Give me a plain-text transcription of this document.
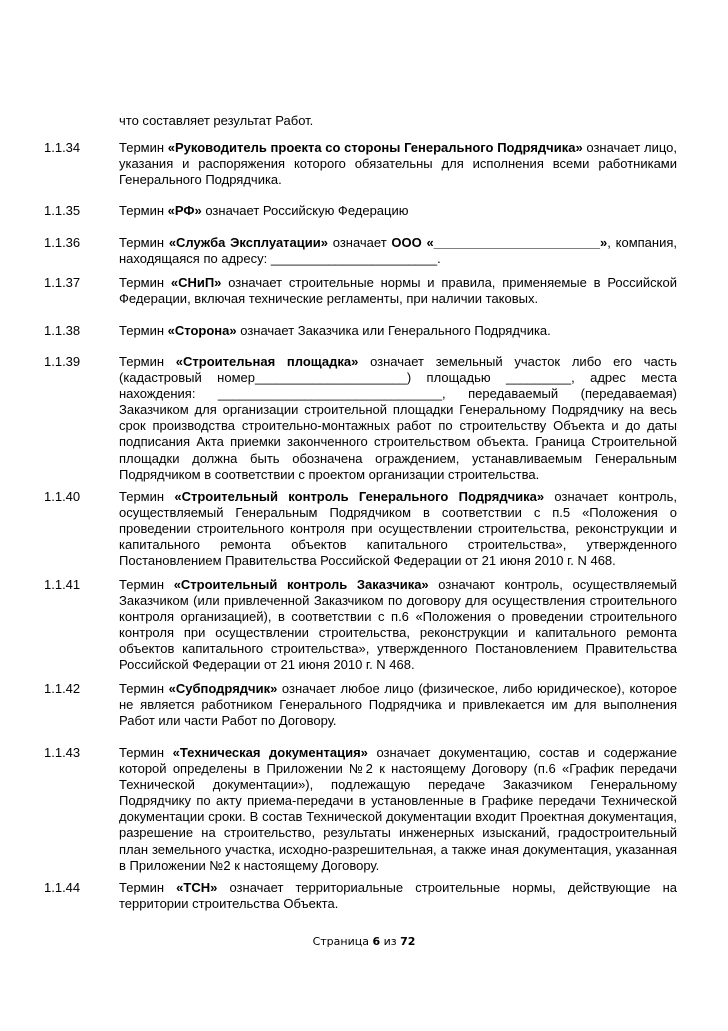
что составляет результат Работ.

1.1.34	Термин «Руководитель проекта со стороны Генерального Подрядчика» означает лицо, указания и распоряжения которого обязательны для исполнения всеми работниками Генерального Подрядчика.

1.1.35	Термин «РФ» означает Российскую Федерацию

1.1.36	Термин «Служба Эксплуатации» означает ООО «_______________________», компания, находящаяся по адресу: _______________________.

1.1.37	Термин «СНиП» означает строительные нормы и правила, применяемые в Российской Федерации, включая технические регламенты, при наличии таковых.

1.1.38	Термин «Сторона» означает Заказчика или Генерального Подрядчика.

1.1.39	Термин «Строительная площадка» означает земельный участок либо его часть (кадастровый номер_____________________) площадью _________, адрес места нахождения: _______________________________, передаваемый (передаваемая) Заказчиком для организации строительной площадки Генеральному Подрядчику на весь срок производства строительно-монтажных работ по строительству Объекта и до даты подписания Акта приемки законченного строительством объекта. Граница Строительной площадки должна быть обозначена ограждением, устанавливаемым Генеральным Подрядчиком в соответствии с проектом организации строительства.

1.1.40	Термин «Строительный контроль Генерального Подрядчика» означает контроль, осуществляемый Генеральным Подрядчиком в соответствии с п.5 «Положения о проведении строительного контроля при осуществлении строительства, реконструкции и капитального ремонта объектов капитального строительства», утвержденного Постановлением Правительства Российской Федерации от 21 июня 2010 г. N 468.

1.1.41	Термин «Строительный контроль Заказчика» означают контроль, осуществляемый Заказчиком (или привлеченной Заказчиком по договору для осуществления строительного контроля организацией), в соответствии с п.6 «Положения о проведении строительного контроля при осуществлении строительства, реконструкции и капитального ремонта объектов капитального строительства», утвержденного Постановлением Правительства Российской Федерации от 21 июня 2010 г. N 468.

1.1.42	Термин «Субподрядчик» означает любое лицо (физическое, либо юридическое), которое не является работником Генерального Подрядчика и привлекается им для выполнения Работ или части Работ по Договору.

1.1.43	Термин «Техническая документация» означает документацию, состав и содержание которой определены в Приложении №2 к настоящему Договору (п.6 «График передачи Технической документации»), подлежащую передаче Заказчиком Генеральному Подрядчику по акту приема-передачи в установленные в Графике передачи Технической документации сроки. В состав Технической документации входит Проектная документация, разрешение на строительство, результаты инженерных изысканий, градостроительный план земельного участка, исходно-разрешительная, а также иная документация, указанная в Приложении №2 к настоящему Договору.

1.1.44	Термин «ТСН» означает территориальные строительные нормы, действующие на территории строительства Объекта.

Страница 6 из 72
